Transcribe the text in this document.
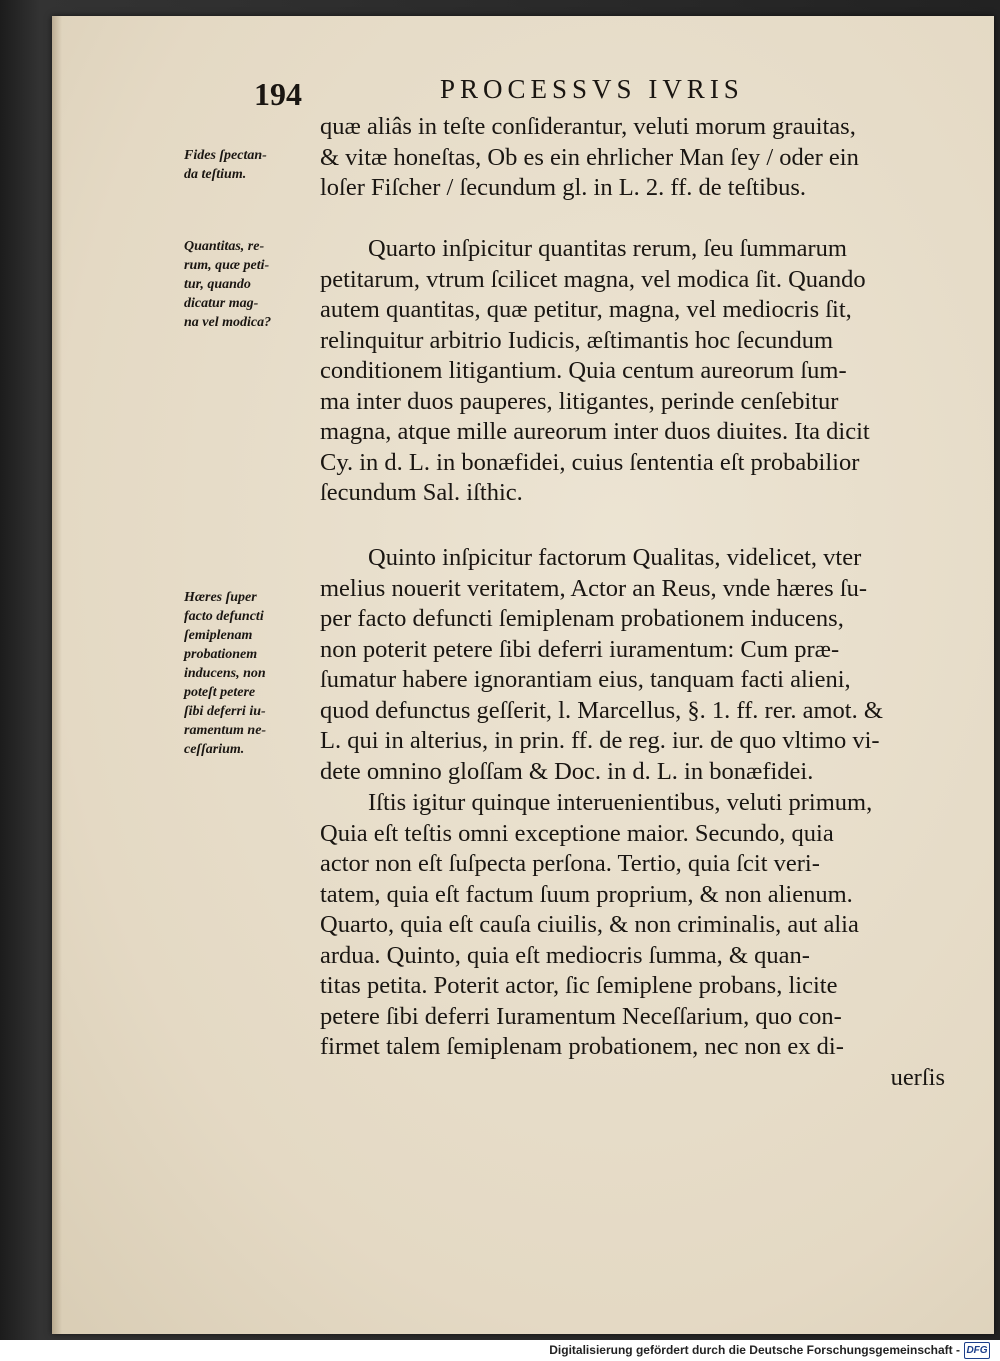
194	PROCESSVS IVRIS
Fides ſpectan-
da teſtium.
Quantitas, re-
rum, quæ peti-
tur, quando
dicatur mag-
na vel modica?
Hæres ſuper
facto defuncti
ſemiplenam
probationem
inducens, non
poteſt petere
ſibi deferri iu-
ramentum ne-
ceſſarium.
quæ aliâs in teſte conſiderantur, veluti morum grauitas,
& vitæ honeſtas, Ob es ein ehrlicher Man ſey / oder ein
loſer Fiſcher / ſecundum gl. in L. 2. ff. de teſtibus.
Quarto inſpicitur quantitas rerum, ſeu ſummarum
petitarum, vtrum ſcilicet magna, vel modica ſit. Quando
autem quantitas, quæ petitur, magna, vel mediocris ſit,
relinquitur arbitrio Iudicis, æſtimantis hoc ſecundum
conditionem litigantium. Quia centum aureorum ſum-
ma inter duos pauperes, litigantes, perinde cenſebitur
magna, atque mille aureorum inter duos diuites. Ita dicit
Cy. in d. L. in bonæfidei, cuius ſententia eſt probabilior
ſecundum Sal. iſthic.
Quinto inſpicitur factorum Qualitas, videlicet, vter
melius nouerit veritatem, Actor an Reus, vnde hæres ſu-
per facto defuncti ſemiplenam probationem inducens,
non poterit petere ſibi deferri iuramentum: Cum præ-
ſumatur habere ignorantiam eius, tanquam facti alieni,
quod defunctus geſſerit, l. Marcellus, §. 1. ff. rer. amot. &
L. qui in alterius, in prin. ff. de reg. iur. de quo vltimo vi-
dete omnino gloſſam & Doc. in d. L. in bonæfidei.
Iſtis igitur quinque interuenientibus, veluti primum,
Quia eſt teſtis omni exceptione maior. Secundo, quia
actor non eſt ſuſpecta perſona. Tertio, quia ſcit veri-
tatem, quia eſt factum ſuum proprium, & non alienum.
Quarto, quia eſt cauſa ciuilis, & non criminalis, aut alia
ardua. Quinto, quia eſt mediocris ſumma, & quan-
titas petita. Poterit actor, ſic ſemiplene probans, licite
petere ſibi deferri Iuramentum Neceſſarium, quo con-
firmet talem ſemiplenam probationem, nec non ex di-
uerſis
Digitalisierung gefördert durch die Deutsche Forschungsgemeinschaft - DFG
